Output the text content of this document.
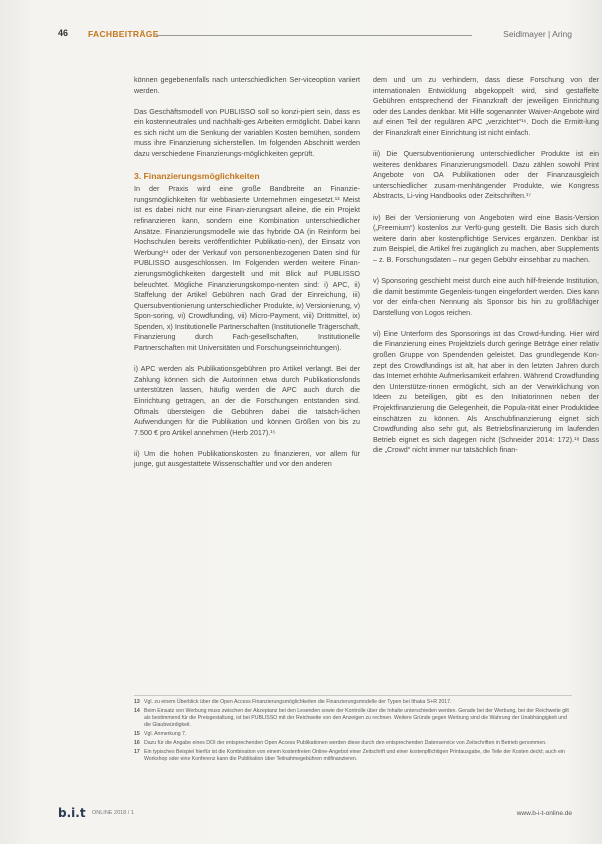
46 FACHBEITRÄGE	Seidlmayer | Aring

können gegebenenfalls nach unterschiedlichen Ser-viceoption variiert werden.

Das Geschäftsmodell von PUBLISSO soll so konzi-piert sein, dass es ein kostenneutrales und nachhalti-ges Arbeiten ermöglicht. Dabei kann es sich nicht um die Senkung der variablen Kosten bemühen, sondern muss ihre Finanzierung sicherstellen. Im folgenden Abschnitt werden dazu verschiedene Finanzierungs-möglichkeiten geprüft.

3. Finanzierungsmöglichkeiten

In der Praxis wird eine große Bandbreite an Finanzie-rungsmöglichkeiten für webbasierte Unternehmen eingesetzt.¹³ Meist ist es dabei nicht nur eine Finan-zierungsart alleine, die ein Projekt refinanzieren kann, sondern eine Kombination unterschiedlicher Ansätze. Finanzierungsmodelle wie das hybride OA (in Reinform bei Hochschulen bereits veröffentlichter Publikatio-nen), der Einsatz von Werbung¹⁴ oder der Verkauf von personenbezogenen Daten sind für PUBLISSO ausgeschlossen. Im Folgenden werden weitere Finan-zierungsmöglichkeiten dargestellt und mit Blick auf PUBLISSO beleuchtet. Mögliche Finanzierungskompo-nenten sind: i) APC, ii) Staffelung der Artikel Gebühren nach Grad der Einreichung, iii) Quersubventionierung unterschiedlicher Produkte, iv) Versionierung, v) Spon-soring, vi) Crowdfunding, vii) Micro-Payment, viii) Drittmittel, ix) Spenden, x) Institutionelle Partnerschaften (Institutionelle Trägerschaft, Finanzierung durch Fach-gesellschaften, Institutionelle Partnerschaften mit Universitäten und Forschungseinrichtungen).

i) APC werden als Publikationsgebühren pro Artikel verlangt. Bei der Zahlung können sich die Autorinnen etwa durch Publikationsfonds unterstützen lassen, häufig werden die APC auch durch die Einrichtung getragen, an der die Forschungen entstanden sind. Oftmals übersteigen die Gebühren dabei die tatsäch-lichen Aufwendungen für die Publikation und können Größen von bis zu 7.500 € pro Artikel annehmen (Herb 2017).¹⁵

ii) Um die hohen Publikationskosten zu finanzieren, vor allem für junge, gut ausgestattete Wissenschaftler und vor den anderen

dem und um zu verhindern, dass diese Forschung von der internationalen Entwicklung abgekoppelt wird, sind gestaffelte Gebühren entsprechend der Finanzkraft der jeweiligen Einrichtung oder des Landes denkbar. Mit Hilfe sogenannter Waiver-Angebote wird auf einen Teil der regulären APC „verzichtet“¹⁶. Doch die Ermitt-lung der Finanzkraft einer Einrichtung ist nicht einfach.

iii) Die Quersubventionierung unterschiedlicher Produkte ist ein weiteres denkbares Finanzierungsmodell. Dazu zählen sowohl Print Angebote von OA Publikationen oder der Finanzausgleich unterschiedlicher zusam-menhängender Produkte, wie Kongress Abstracts, Li-ving Handbooks oder Zeitschriften.¹⁷

iv) Bei der Versionierung von Angeboten wird eine Basis-Version („Freemium“) kostenlos zur Verfü-gung gestellt. Die Basis sich durch weitere darin aber kostenpflichtige Services ergänzen. Denkbar ist zum Beispiel, die Artikel frei zugänglich zu machen, aber Supplements – z. B. Forschungsdaten – nur gegen Gebühr einsehbar zu machen.

v) Sponsoring geschieht meist durch eine auch hilf-freiende Institution, die damit bestimmte Gegenleis-tungen eingefordert werden. Dies kann vor der einfa-chen Nennung als Sponsor bis hin zu großflächiger Darstellung von Logos reichen.

vi) Eine Unterform des Sponsorings ist das Crowd-funding. Hier wird die Finanzierung eines Projektziels durch geringe Beträge einer relativ großen Gruppe von Spendenden geleistet. Das grundlegende Kon-zept des Crowdfundings ist alt, hat aber in den letzten Jahren durch das Internet erhöhte Aufmerksamkeit erfahren. Während Crowdfunding den Unterstütze-rinnen ermöglicht, sich an der Verwirklichung von Ideen zu beteiligen, gibt es den Initiatorinnen neben der Projektfinanzierung die Gelegenheit, die Popula-rität einer Produktidee einschätzen zu können. Als Anschubfinanzierung eignet sich Crowdfunding also sehr gut, als Betriebsfinanzierung im laufenden Betrieb eignet es sich dagegen nicht (Schneider 2014: 172).¹⁸ Dass die „Crowd“ nicht immer nur tatsächlich finan-

13 Vgl. zu einem Überblick über die Open Access Finanzierungsmöglichkeiten die Finanzierungsmodelle der Typen bei Ithaka S+R 2017.
14 Beim Einsatz von Werbung muss zwischen der Akzeptanz bei den Lesenden sowie der Kontrolle über die Inhalte unterschieden werden. Gerade bei der Werbung, bei der Reichweite gilt als bestimmend für die Preisgestaltung, ist bei PUBLISSO mit der Reichweite von den Anzeigen zu rechnen. Weitere Gründe gegen Werbung sind die Wahrung der Unabhängigkeit und die Glaubwürdigkeit.
15 Vgl. Anmerkung 7.
16 Dazu für die Angabe eines DOI der entsprechenden Open Access Publikationen werden diese durch den entsprechenden Datenservice von Zeitschriften in Betrieb genommen.
17 Ein typisches Beispiel hierfür ist die Kombination von einem kostenfreien Online-Angebot einer Zeitschrift und einer kostenpflichtigen Printausgabe, die Teile der Kosten deckt; auch ein Workshop oder eine Konferenz kann die Publikation über Teilnahmegebühren mitfinanzieren.
b.i.t ONLINE 2018 / 1	www.b-i-t-online.de
